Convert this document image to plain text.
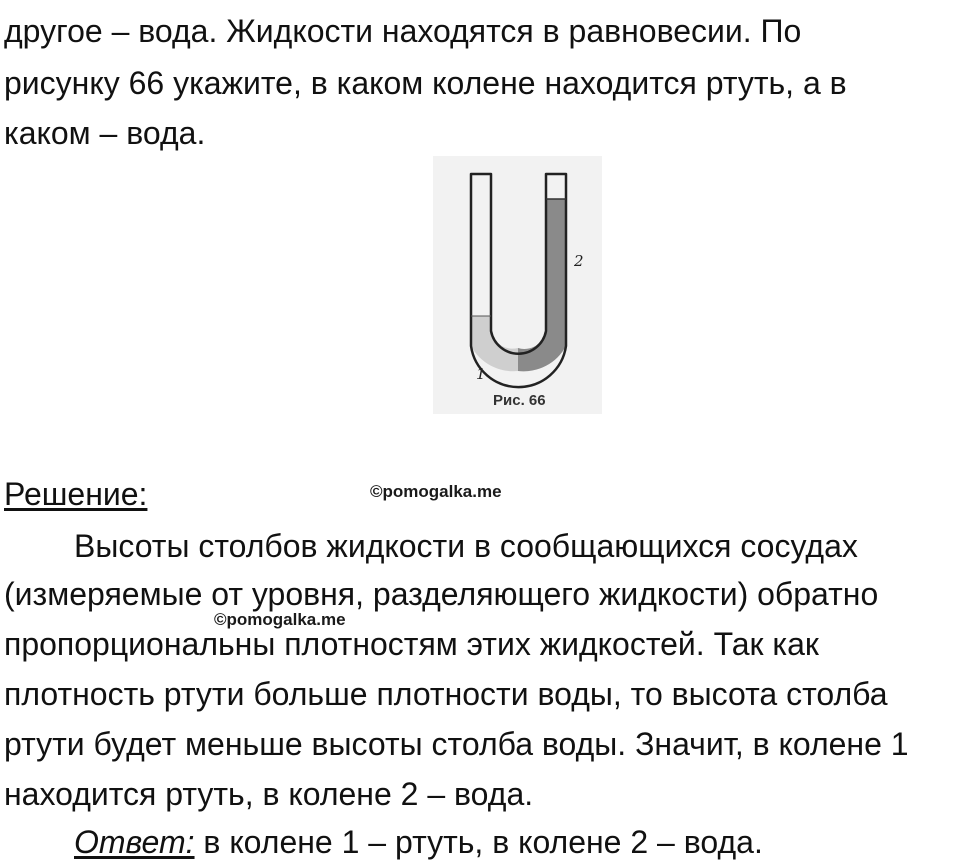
другое – вода. Жидкости находятся в равновесии. По
рисунку 66 укажите, в каком колене находится ртуть, а в
каком – вода.
2
1
Рис. 66
Решение:	©pomogalka.me
Высоты столбов жидкости в сообщающихся сосудах
(измеряемые от уровня, разделяющего жидкости) обратно
©pomogalka.me
пропорциональны плотностям этих жидкостей. Так как
плотность ртути больше плотности воды, то высота столба
ртути будет меньше высоты столба воды. Значит, в колене 1
находится ртуть, в колене 2 – вода.
Ответ: в колене 1 – ртуть, в колене 2 – вода.
